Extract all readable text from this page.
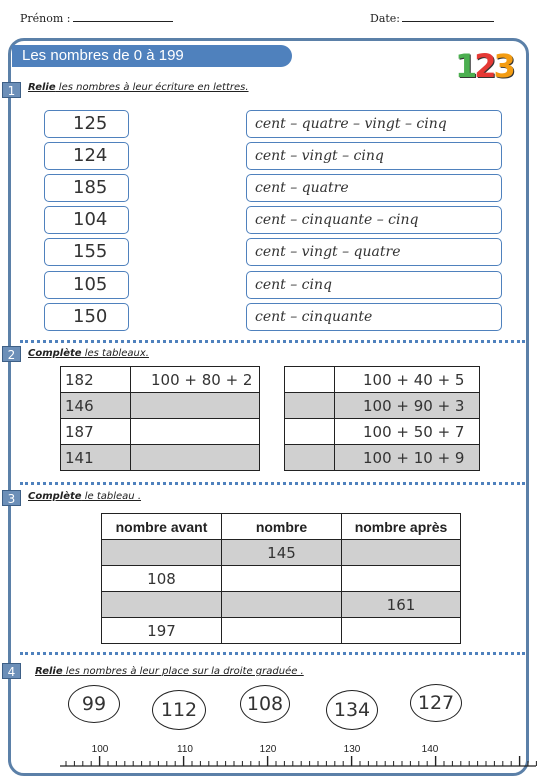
Prénom :	Date:
Les nombres de 0 à 199	123
1	Relie les nombres à leur écriture en lettres.
125
124
185
104
155
105
150
cent – quatre – vingt – cinq
cent – vingt – cinq
cent – quatre
cent – cinquante – cinq
cent – vingt – quatre
cent – cinq
cent – cinquante
2	Complète les tableaux.
182	100 + 80 + 2
146	
187	
141	
	100 + 40 + 5
	100 + 90 + 3
	100 + 50 + 7
	100 + 10 + 9
3	Complète le tableau .
nombre avant	nombre	nombre après
	145	
108		
		161
197		
4	Relie les nombres à leur place sur la droite graduée .
99	112	108	134	127
100	110	120	130	140
